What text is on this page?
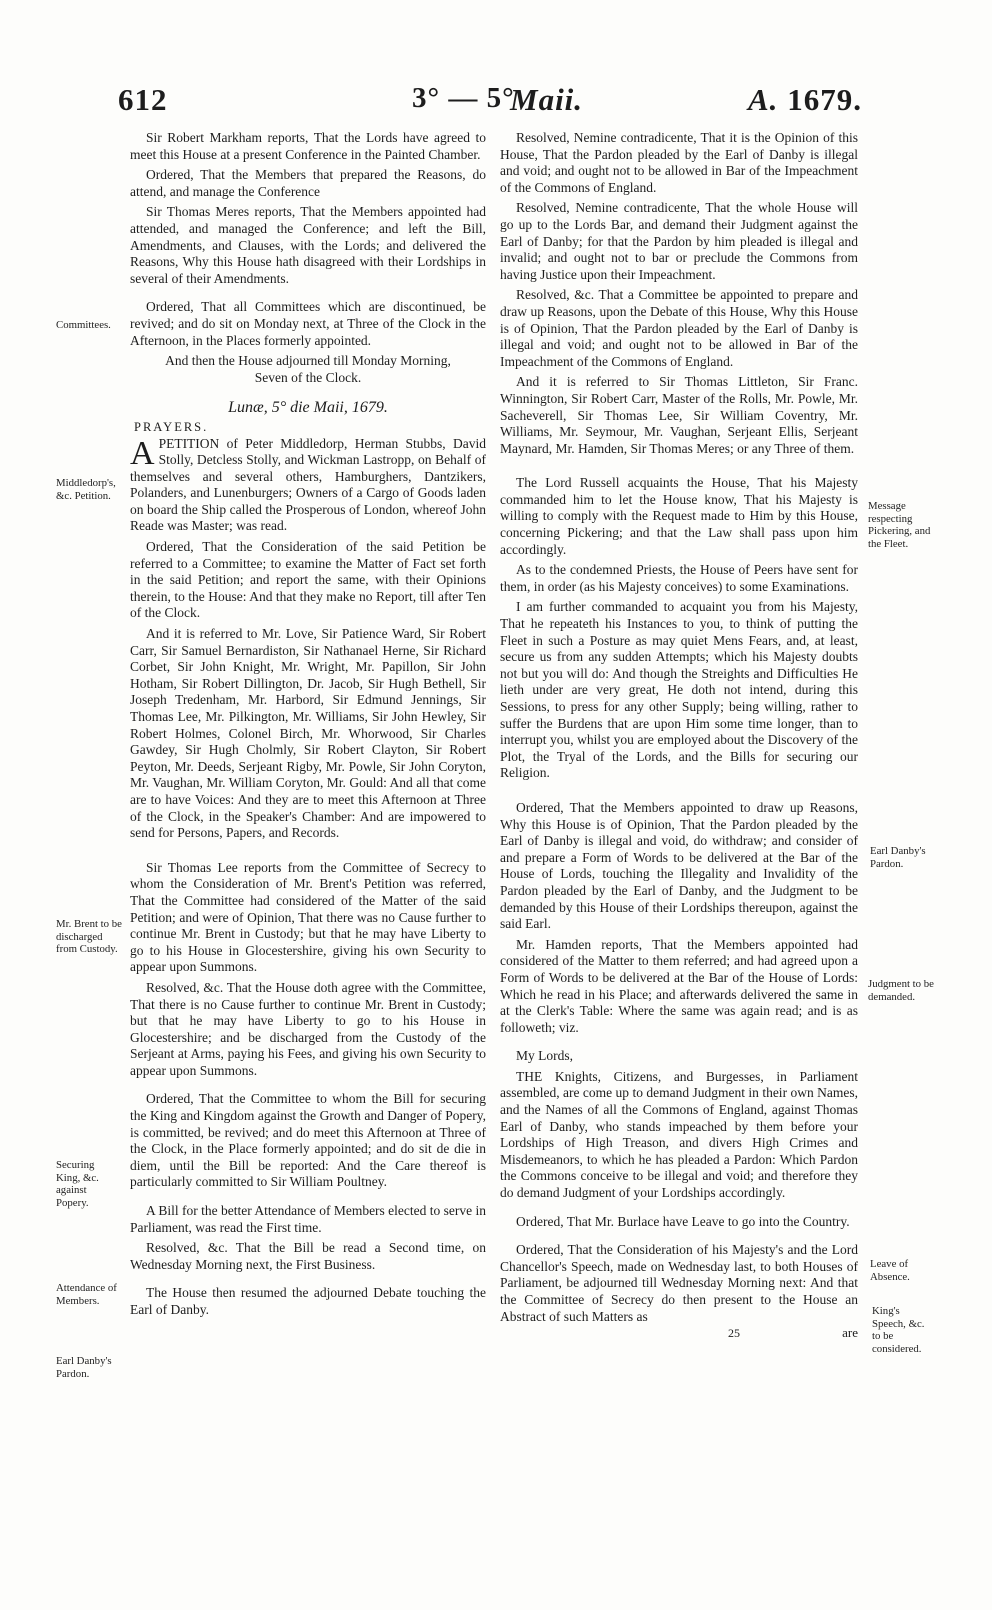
612	3° — 5°
Maii.	A. 1679.

Sir Robert Markham reports, That the Lords have agreed to meet this House at a present Conference in the Painted Chamber.

Ordered, That the Members that prepared the Reasons, do attend, and manage the Conference

Sir Thomas Meres reports, That the Members appointed had attended, and managed the Conference; and left the Bill, Amendments, and Clauses, with the Lords; and delivered the Reasons, Why this House hath disagreed with their Lordships in several of their Amendments.

Ordered, That all Committees which are discontinued, be revived; and do sit on Monday next, at Three of the Clock in the Afternoon, in the Places formerly appointed.

And then the House adjourned till Monday Morning, Seven of the Clock.

Lunæ, 5° die Maii, 1679.

PRAYERS.

APETITION of Peter Middledorp, Herman Stubbs, David Stolly, Detcless Stolly, and Wickman Lastropp, on Behalf of themselves and several others, Hamburghers, Dantzikers, Polanders, and Lunenburgers; Owners of a Cargo of Goods laden on board the Ship called the Prosperous of London, whereof John Reade was Master; was read.

Ordered, That the Consideration of the said Petition be referred to a Committee; to examine the Matter of Fact set forth in the said Petition; and report the same, with their Opinions therein, to the House: And that they make no Report, till after Ten of the Clock.

And it is referred to Mr. Love, Sir Patience Ward, Sir Robert Carr, Sir Samuel Bernardiston, Sir Nathanael Herne, Sir Richard Corbet, Sir John Knight, Mr. Wright, Mr. Papillon, Sir John Hotham, Sir Robert Dillington, Dr. Jacob, Sir Hugh Bethell, Sir Joseph Tredenham, Mr. Harbord, Sir Edmund Jennings, Sir Thomas Lee, Mr. Pilkington, Mr. Williams, Sir John Hewley, Sir Robert Holmes, Colonel Birch, Mr. Whorwood, Sir Charles Gawdey, Sir Hugh Cholmly, Sir Robert Clayton, Sir Robert Peyton, Mr. Deeds, Serjeant Rigby, Mr. Powle, Sir John Coryton, Mr. Vaughan, Mr. William Coryton, Mr. Gould: And all that come are to have Voices: And they are to meet this Afternoon at Three of the Clock, in the Speaker's Chamber: And are impowered to send for Persons, Papers, and Records.

Sir Thomas Lee reports from the Committee of Secrecy to whom the Consideration of Mr. Brent's Petition was referred, That the Committee had considered of the Matter of the said Petition; and were of Opinion, That there was no Cause further to continue Mr. Brent in Custody; but that he may have Liberty to go to his House in Glocestershire, giving his own Security to appear upon Summons.

Resolved, &c. That the House doth agree with the Committee, That there is no Cause further to continue Mr. Brent in Custody; but that he may have Liberty to go to his House in Glocestershire; and be discharged from the Custody of the Serjeant at Arms, paying his Fees, and giving his own Security to appear upon Summons.

Ordered, That the Committee to whom the Bill for securing the King and Kingdom against the Growth and Danger of Popery, is committed, be revived; and do meet this Afternoon at Three of the Clock, in the Place formerly appointed; and do sit de die in diem, until the Bill be reported: And the Care thereof is particularly committed to Sir William Poultney.

A Bill for the better Attendance of Members elected to serve in Parliament, was read the First time.

Resolved, &c. That the Bill be read a Second time, on Wednesday Morning next, the First Business.

The House then resumed the adjourned Debate touching the Earl of Danby.

Resolved, Nemine contradicente, That it is the Opinion of this House, That the Pardon pleaded by the Earl of Danby is illegal and void; and ought not to be allowed in Bar of the Impeachment of the Commons of England.

Resolved, Nemine contradicente, That the whole House will go up to the Lords Bar, and demand their Judgment against the Earl of Danby; for that the Pardon by him pleaded is illegal and invalid; and ought not to bar or preclude the Commons from having Justice upon their Impeachment.

Resolved, &c. That a Committee be appointed to prepare and draw up Reasons, upon the Debate of this House, Why this House is of Opinion, That the Pardon pleaded by the Earl of Danby is illegal and void; and ought not to be allowed in Bar of the Impeachment of the Commons of England.

And it is referred to Sir Thomas Littleton, Sir Franc. Winnington, Sir Robert Carr, Master of the Rolls, Mr. Powle, Mr. Sacheverell, Sir Thomas Lee, Sir William Coventry, Mr. Williams, Mr. Seymour, Mr. Vaughan, Serjeant Ellis, Serjeant Maynard, Mr. Hamden, Sir Thomas Meres; or any Three of them.

The Lord Russell acquaints the House, That his Majesty commanded him to let the House know, That his Majesty is willing to comply with the Request made to Him by this House, concerning Pickering; and that the Law shall pass upon him accordingly.

As to the condemned Priests, the House of Peers have sent for them, in order (as his Majesty conceives) to some Examinations.

I am further commanded to acquaint you from his Majesty, That he repeateth his Instances to you, to think of putting the Fleet in such a Posture as may quiet Mens Fears, and, at least, secure us from any sudden Attempts; which his Majesty doubts not but you will do: And though the Streights and Difficulties He lieth under are very great, He doth not intend, during this Sessions, to press for any other Supply; being willing, rather to suffer the Burdens that are upon Him some time longer, than to interrupt you, whilst you are employed about the Discovery of the Plot, the Tryal of the Lords, and the Bills for securing our Religion.

Ordered, That the Members appointed to draw up Reasons, Why this House is of Opinion, That the Pardon pleaded by the Earl of Danby is illegal and void, do withdraw; and consider of and prepare a Form of Words to be delivered at the Bar of the House of Lords, touching the Illegality and Invalidity of the Pardon pleaded by the Earl of Danby, and the Judgment to be demanded by this House of their Lordships thereupon, against the said Earl.

Mr. Hamden reports, That the Members appointed had considered of the Matter to them referred; and had agreed upon a Form of Words to be delivered at the Bar of the House of Lords: Which he read in his Place; and afterwards delivered the same in at the Clerk's Table: Where the same was again read; and is as followeth; viz.

My Lords,

THE Knights, Citizens, and Burgesses, in Parliament assembled, are come up to demand Judgment in their own Names, and the Names of all the Commons of England, against Thomas Earl of Danby, who stands impeached by them before your Lordships of High Treason, and divers High Crimes and Misdemeanors, to which he has pleaded a Pardon: Which Pardon the Commons conceive to be illegal and void; and therefore they do demand Judgment of your Lordships accordingly.

Ordered, That Mr. Burlace have Leave to go into the Country.

Ordered, That the Consideration of his Majesty's and the Lord Chancellor's Speech, made on Wednesday last, to both Houses of Parliament, be adjourned till Wednesday Morning next: And that the Committee of Secrecy do then present to the House an Abstract of such Matters as

25	are
Committees.
Middledorp's, &c. Petition.
Mr. Brent to be discharged from Custody.
Securing King, &c. against Popery.
Attendance of Members.
Earl Danby's Pardon.
Message respecting Pickering, and the Fleet.
Earl Danby's Pardon.
Judgment to be demanded.
Leave of Absence.
King's Speech, &c. to be considered.
